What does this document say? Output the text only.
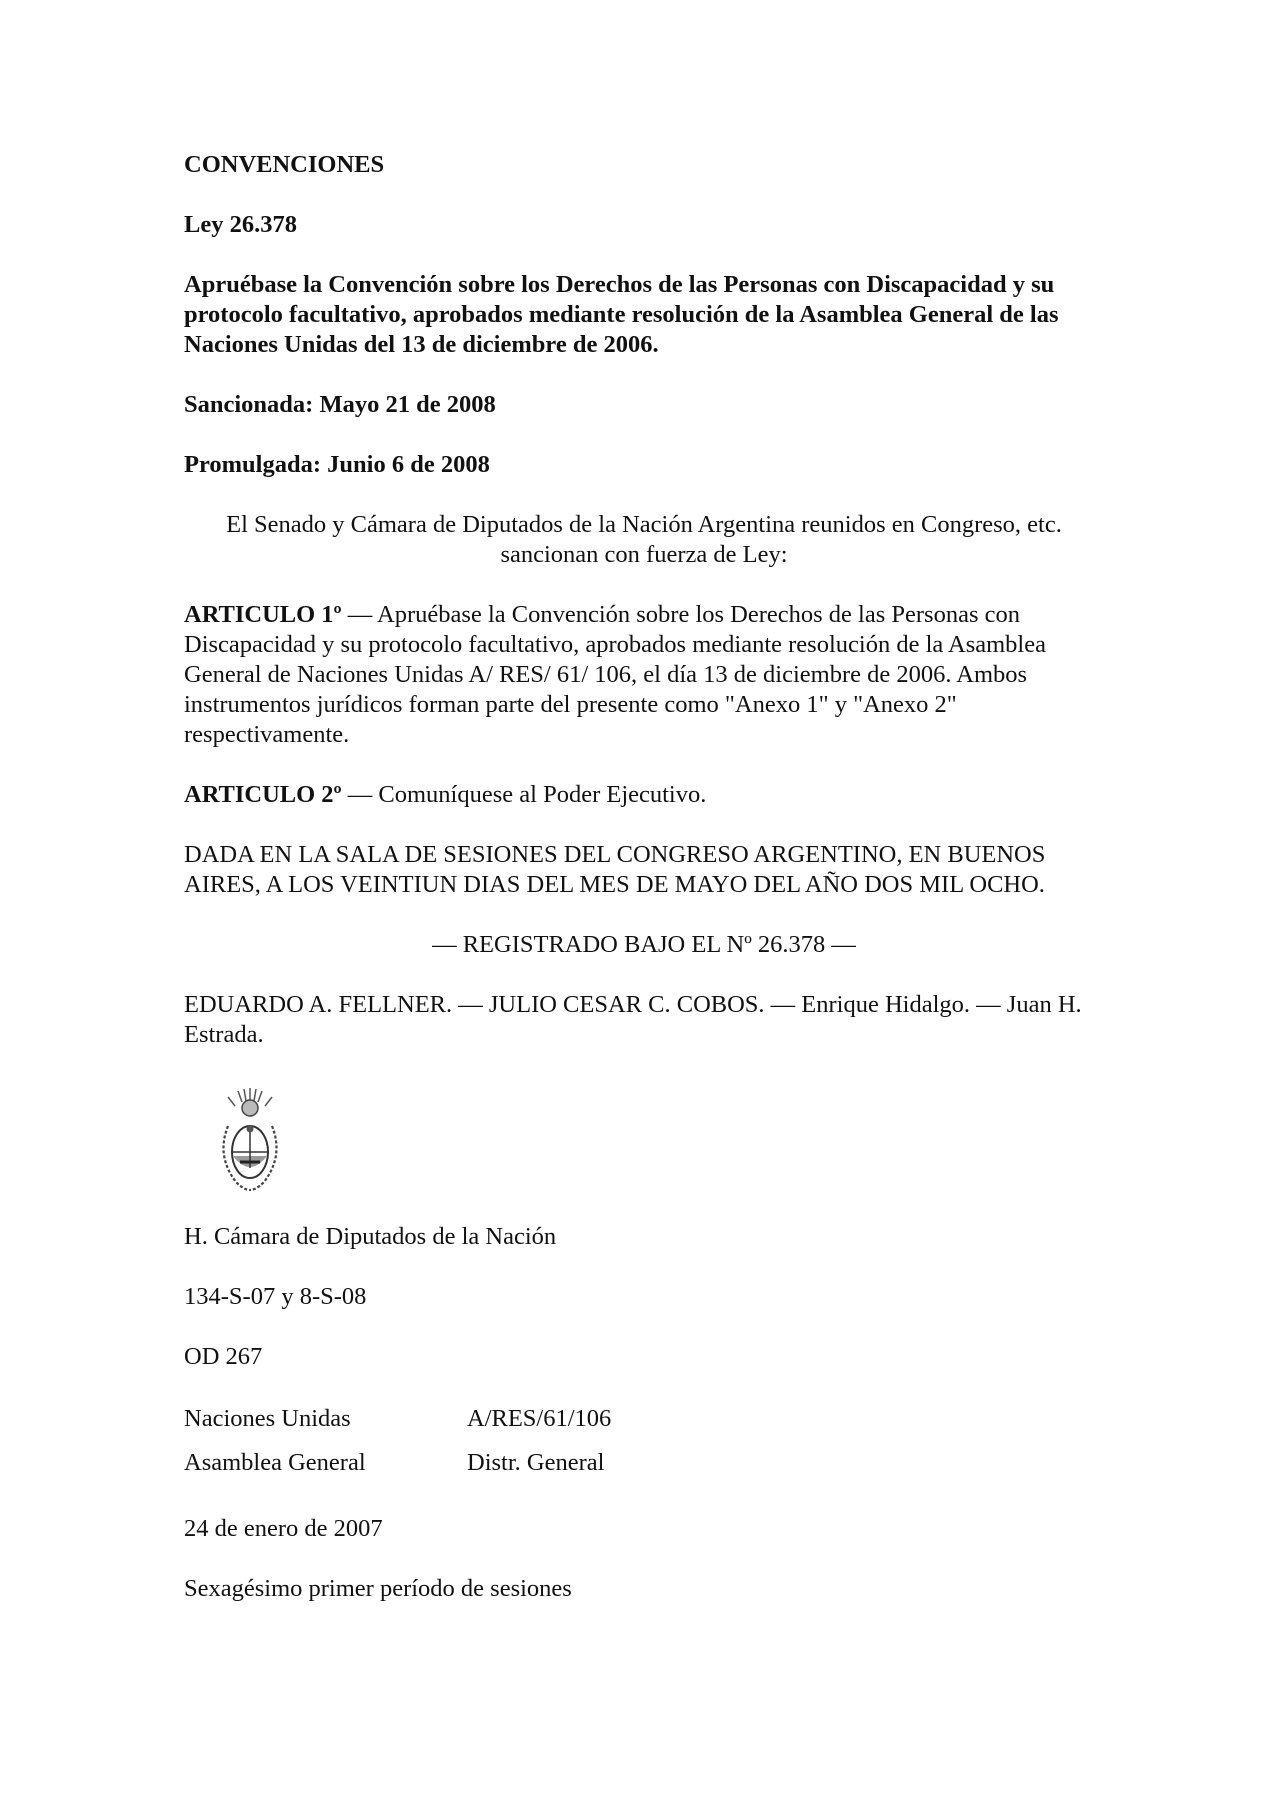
CONVENCIONES

Ley 26.378

Apruébase la Convención sobre los Derechos de las Personas con Discapacidad y su protocolo facultativo, aprobados mediante resolución de la Asamblea General de las Naciones Unidas del 13 de diciembre de 2006.

Sancionada: Mayo 21 de 2008

Promulgada: Junio 6 de 2008

El Senado y Cámara de Diputados de la Nación Argentina reunidos en Congreso, etc.

sancionan con fuerza de Ley:

ARTICULO 1º — Apruébase la Convención sobre los Derechos de las Personas con Discapacidad y su protocolo facultativo, aprobados mediante resolución de la Asamblea General de Naciones Unidas A/ RES/ 61/ 106, el día 13 de diciembre de 2006. Ambos instrumentos jurídicos forman parte del presente como "Anexo 1" y "Anexo 2" respectivamente.

ARTICULO 2º — Comuníquese al Poder Ejecutivo.

DADA EN LA SALA DE SESIONES DEL CONGRESO ARGENTINO, EN BUENOS AIRES, A LOS VEINTIUN DIAS DEL MES DE MAYO DEL AÑO DOS MIL OCHO.

— REGISTRADO BAJO EL Nº 26.378 —

EDUARDO A. FELLNER. — JULIO CESAR C. COBOS. — Enrique Hidalgo. — Juan H. Estrada.

H. Cámara de Diputados de la Nación

134-S-07 y 8-S-08

OD 267

Naciones Unidas	A/RES/61/106
Asamblea General	Distr. General

24 de enero de 2007

Sexagésimo primer período de sesiones
